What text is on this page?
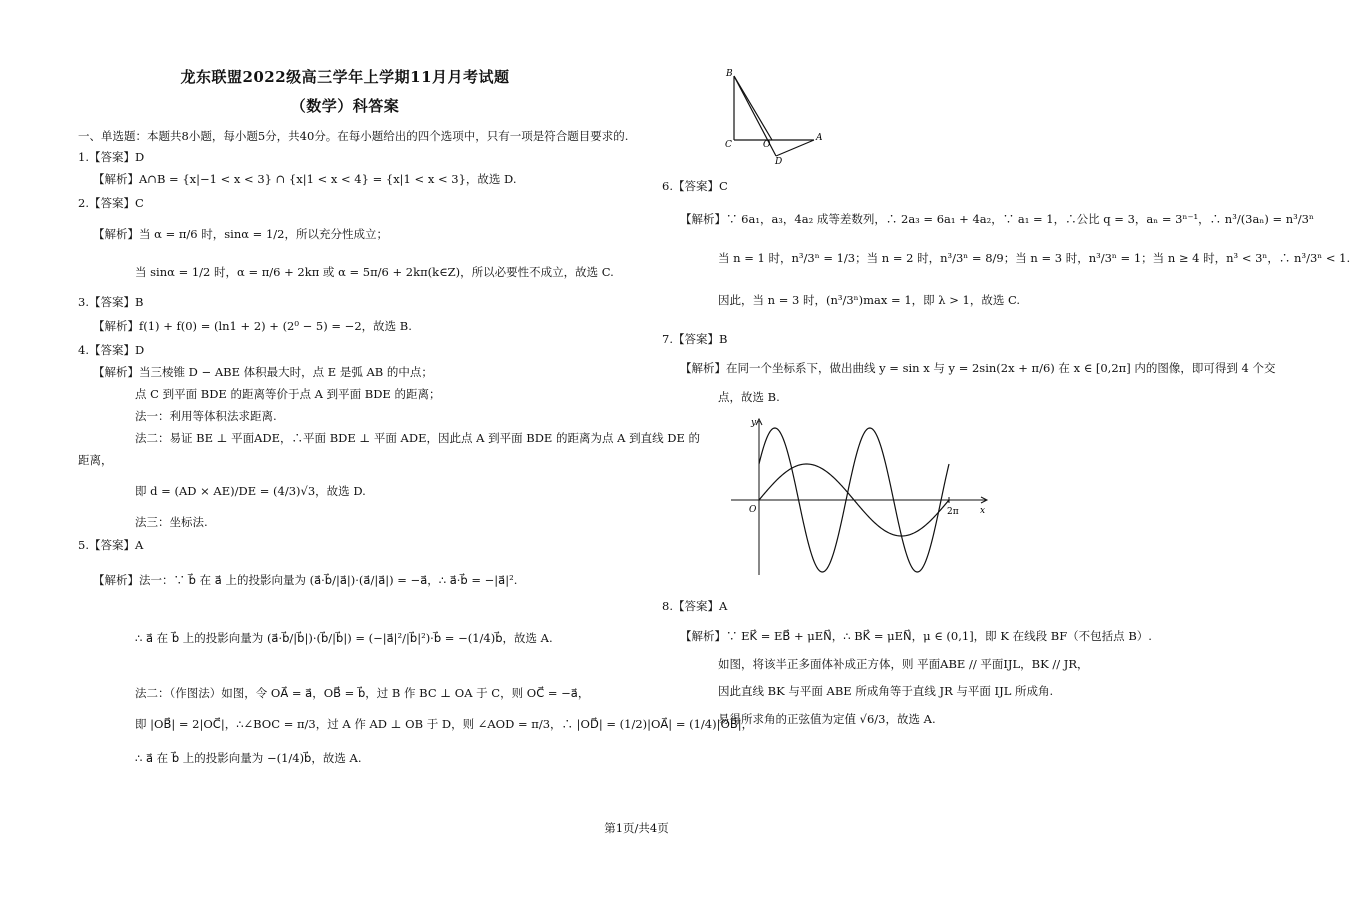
龙东联盟2022级高三学年上学期11月月考试题
（数学）科答案
一、单选题：本题共8小题，每小题5分，共40分。在每小题给出的四个选项中，只有一项是符合题目要求的.
1.【答案】D
【解析】A∩B = {x|−1 < x < 3} ∩ {x|1 < x < 4} = {x|1 < x < 3}，故选 D.
2.【答案】C
【解析】当 α = π/6 时，sinα = 1/2，所以充分性成立；
当 sinα = 1/2 时，α = π/6 + 2kπ 或 α = 5π/6 + 2kπ(k∈Z)，所以必要性不成立，故选 C.
3.【答案】B
【解析】f(1) + f(0) = (ln1 + 2) + (2⁰ − 5) = −2，故选 B.
4.【答案】D
【解析】当三棱锥 D − ABE 体积最大时，点 E 是弧 AB 的中点；
点 C 到平面 BDE 的距离等价于点 A 到平面 BDE 的距离；
法一：利用等体积法求距离.
法二：易证 BE ⊥ 平面ADE，∴平面 BDE ⊥ 平面 ADE，因此点 A 到平面 BDE 的距离为点 A 到直线 DE 的
距离，
即 d = (AD × AE)/DE = (4/3)√3，故选 D.
法三：坐标法.
5.【答案】A
【解析】法一：∵ b⃗ 在 a⃗ 上的投影向量为 (a⃗·b⃗/|a⃗|)·(a⃗/|a⃗|) = −a⃗，∴ a⃗·b⃗ = −|a⃗|².
∴ a⃗ 在 b⃗ 上的投影向量为 (a⃗·b⃗/|b⃗|)·(b⃗/|b⃗|) = (−|a⃗|²/|b⃗|²)·b⃗ = −(1/4)b⃗，故选 A.
法二：（作图法）如图，令 OA⃗ = a⃗，OB⃗ = b⃗，过 B 作 BC ⊥ OA 于 C，则 OC⃗ = −a⃗，
即 |OB⃗| = 2|OC⃗|，∴∠BOC = π/3，过 A 作 AD ⊥ OB 于 D，则 ∠AOD = π/3，∴ |OD⃗| = (1/2)|OA⃗| = (1/4)|OB⃗|，
∴ a⃗ 在 b⃗ 上的投影向量为 −(1/4)b⃗，故选 A.
B
C	O
A
D
6.【答案】C
【解析】∵ 6a₁，a₃，4a₂ 成等差数列，∴ 2a₃ = 6a₁ + 4a₂，∵ a₁ = 1，∴公比 q = 3，aₙ = 3ⁿ⁻¹，∴ n³/(3aₙ) = n³/3ⁿ
当 n = 1 时，n³/3ⁿ = 1/3；当 n = 2 时，n³/3ⁿ = 8/9；当 n = 3 时，n³/3ⁿ = 1；当 n ≥ 4 时，n³ < 3ⁿ，∴ n³/3ⁿ < 1.
因此，当 n = 3 时，(n³/3ⁿ)max = 1，即 λ > 1，故选 C.
7.【答案】B
【解析】在同一个坐标系下，做出曲线 y = sin x 与 y = 2sin(2x + π/6) 在 x ∈ [0,2π] 内的图像，即可得到 4 个交
点，故选 B.
y
x
O	2π
8.【答案】A
【解析】∵ EK⃗ = EB⃗ + μEN⃗，∴ BK⃗ = μEN⃗，μ ∈ (0,1]，即 K 在线段 BF（不包括点 B）.
如图，将该半正多面体补成正方体，则 平面ABE // 平面IJL，BK // JR，
因此直线 BK 与平面 ABE 所成角等于直线 JR 与平面 IJL 所成角.
易得所求角的正弦值为定值 √6/3，故选 A.
第1页/共4页
